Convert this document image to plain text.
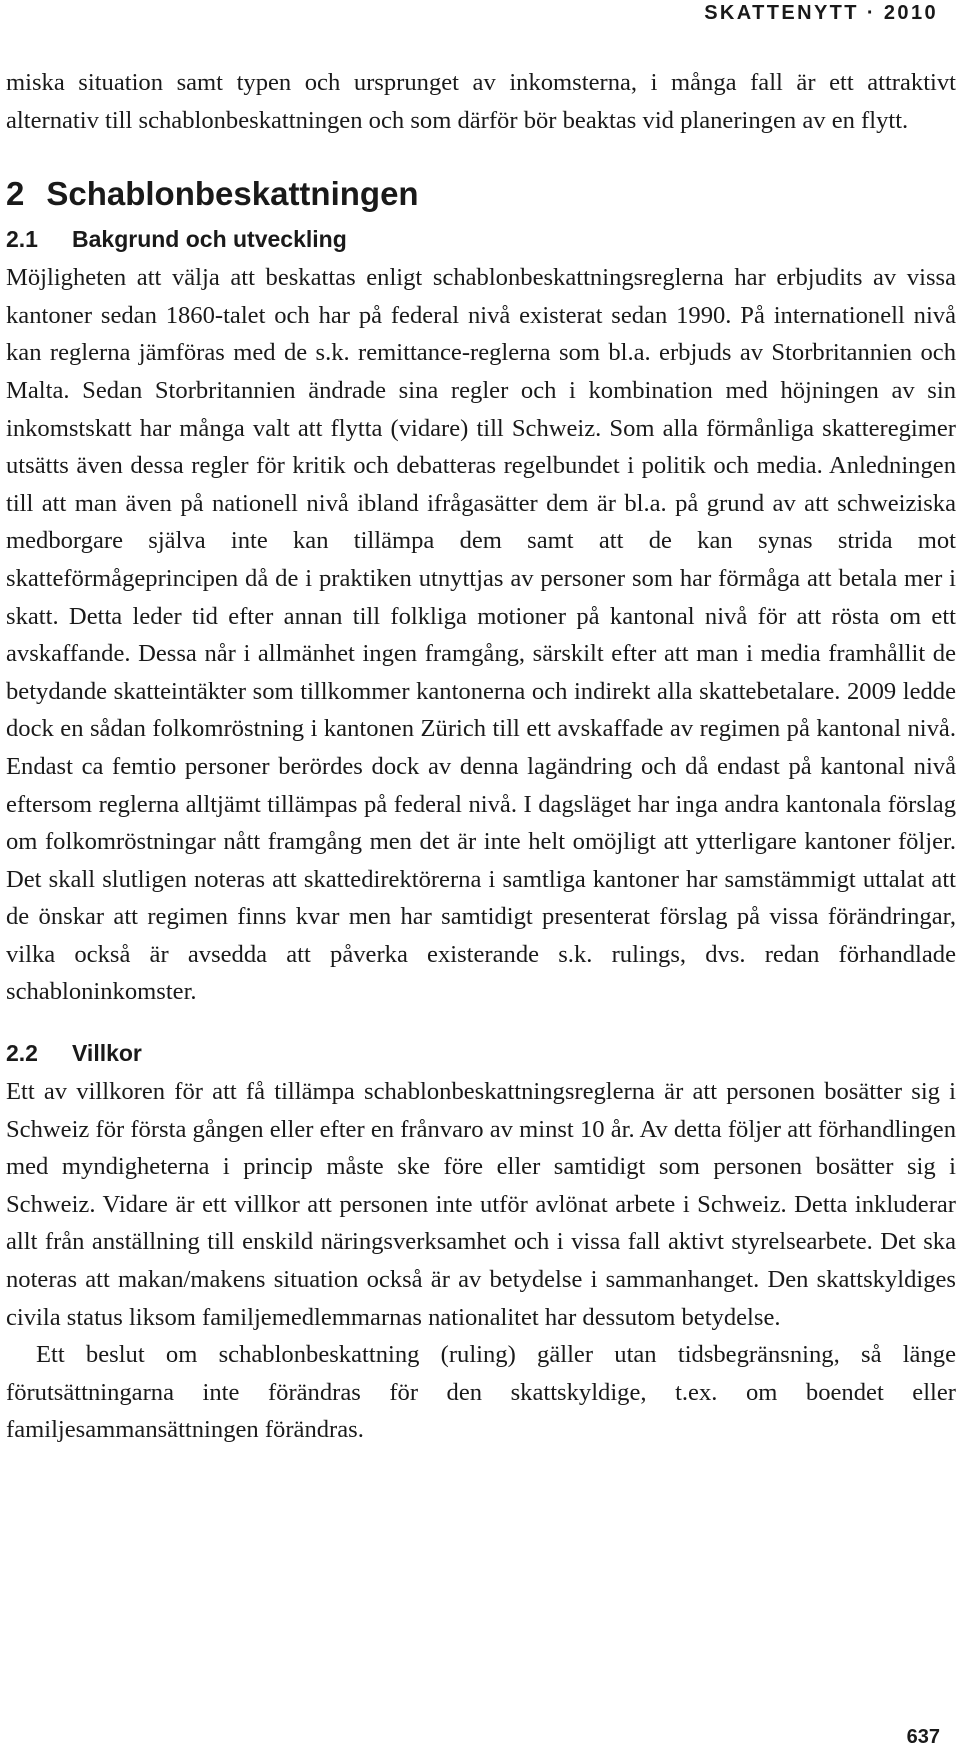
SKATTENYTT · 2010

miska situation samt typen och ursprunget av inkomsterna, i många fall är ett attraktivt alternativ till schablonbeskattningen och som därför bör beaktas vid planeringen av en flytt.

2 Schablonbeskattningen
2.1 Bakgrund och utveckling

Möjligheten att välja att beskattas enligt schablonbeskattningsreglerna har erbjudits av vissa kantoner sedan 1860-talet och har på federal nivå existerat sedan 1990. På internationell nivå kan reglerna jämföras med de s.k. remittance-reglerna som bl.a. erbjuds av Storbritannien och Malta. Sedan Storbritannien ändrade sina regler och i kombination med höjningen av sin inkomstskatt har många valt att flytta (vidare) till Schweiz. Som alla förmånliga skatteregimer utsätts även dessa regler för kritik och debatteras regelbundet i politik och media. Anledningen till att man även på nationell nivå ibland ifrågasätter dem är bl.a. på grund av att schweiziska medborgare själva inte kan tillämpa dem samt att de kan synas strida mot skatteförmågeprincipen då de i praktiken utnyttjas av personer som har förmåga att betala mer i skatt. Detta leder tid efter annan till folkliga motioner på kantonal nivå för att rösta om ett avskaffande. Dessa når i allmänhet ingen framgång, särskilt efter att man i media framhållit de betydande skatteintäkter som tillkommer kantonerna och indirekt alla skattebetalare. 2009 ledde dock en sådan folkomröstning i kantonen Zürich till ett avskaffade av regimen på kantonal nivå. Endast ca femtio personer berördes dock av denna lagändring och då endast på kantonal nivå eftersom reglerna alltjämt tillämpas på federal nivå. I dagsläget har inga andra kantonala förslag om folkomröstningar nått framgång men det är inte helt omöjligt att ytterligare kantoner följer. Det skall slutligen noteras att skattedirektörerna i samtliga kantoner har samstämmigt uttalat att de önskar att regimen finns kvar men har samtidigt presenterat förslag på vissa förändringar, vilka också är avsedda att påverka existerande s.k. rulings, dvs. redan förhandlade schabloninkomster.

2.2 Villkor

Ett av villkoren för att få tillämpa schablonbeskattningsreglerna är att personen bosätter sig i Schweiz för första gången eller efter en frånvaro av minst 10 år. Av detta följer att förhandlingen med myndigheterna i princip måste ske före eller samtidigt som personen bosätter sig i Schweiz. Vidare är ett villkor att personen inte utför avlönat arbete i Schweiz. Detta inkluderar allt från anställning till enskild näringsverksamhet och i vissa fall aktivt styrelsearbete. Det ska noteras att makan/makens situation också är av betydelse i sammanhanget. Den skattskyldiges civila status liksom familjemedlemmarnas nationalitet har dessutom betydelse.

Ett beslut om schablonbeskattning (ruling) gäller utan tidsbegränsning, så länge förutsättningarna inte förändras för den skattskyldige, t.ex. om boendet eller familjesammansättningen förändras.

637
